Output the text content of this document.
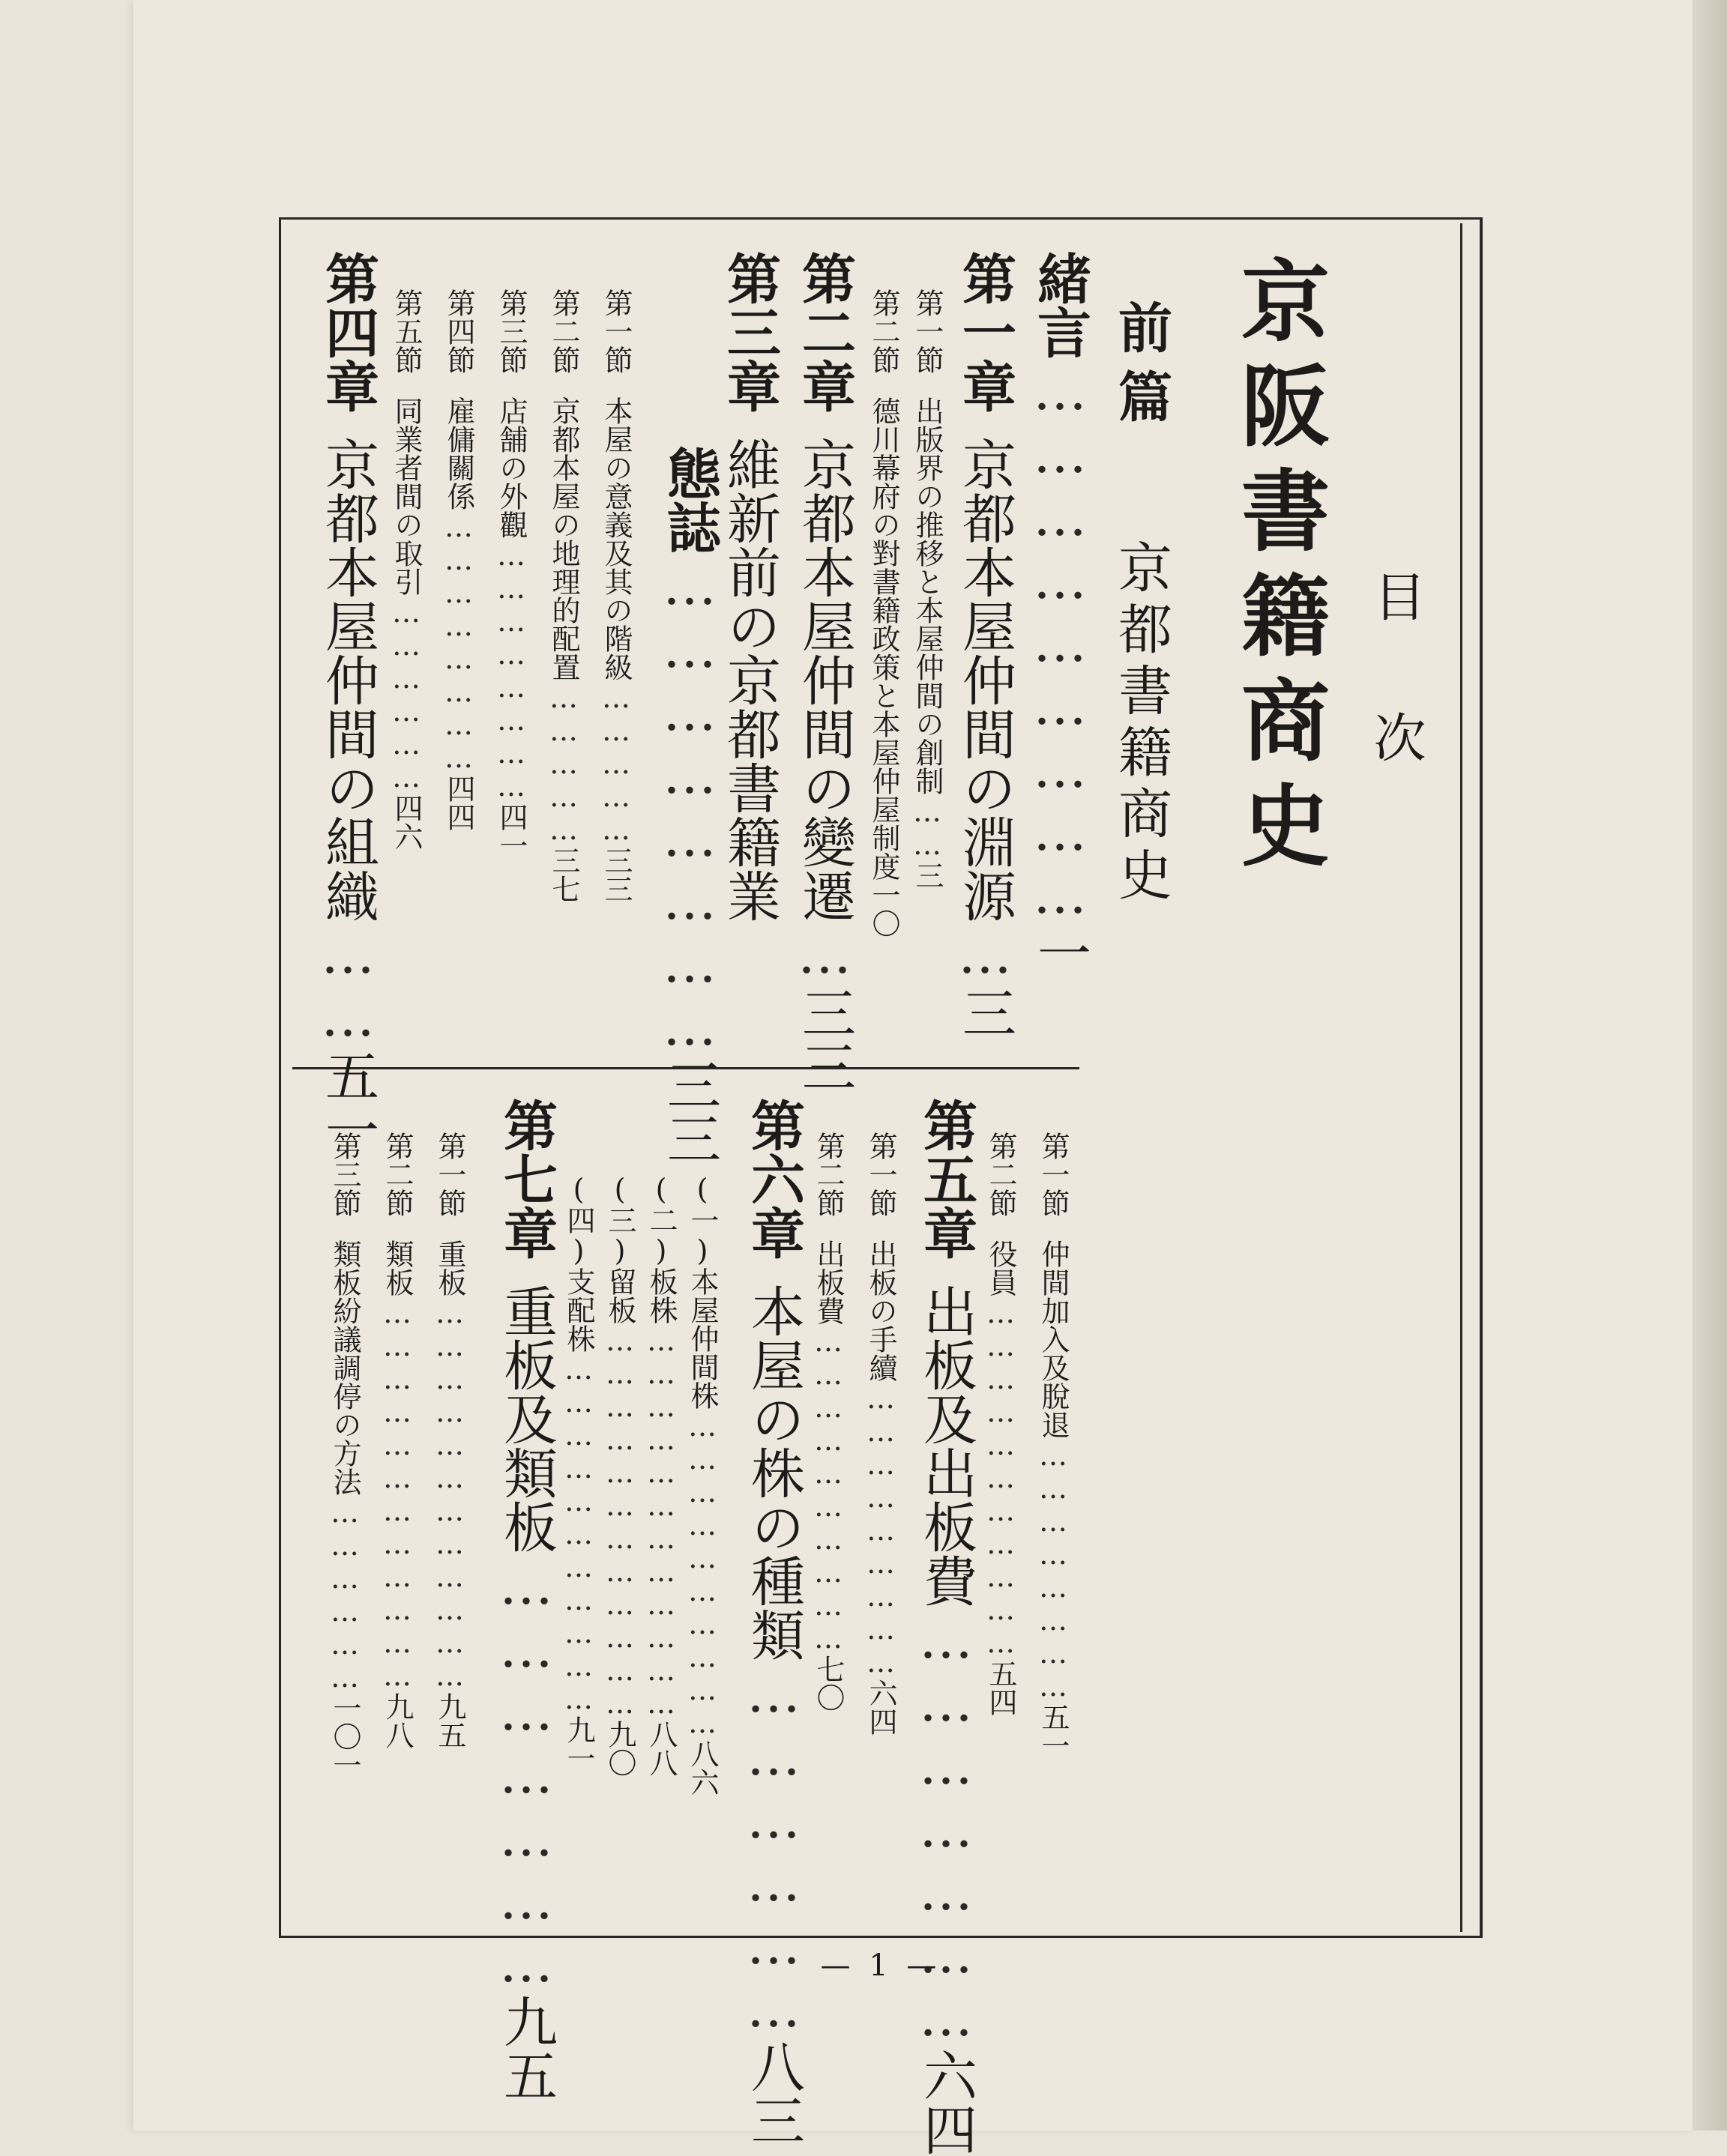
目次
京阪書籍商史
前篇
京都書籍商史
緒言………………………一
第一章京都本屋仲間の淵源…三
第一節出版界の推移と本屋仲間の創制……三
第二節德川幕府の對書籍政策と本屋仲屋制度一〇
第二章京都本屋仲間の變遷…三三
第三章維新前の京都書籍業
態誌……………………三三
第一節本屋の意義及其の階級……………三三
第二節京都本屋の地理的配置……………三七
第三節店舗の外觀……………………四一
第四節雇傭關係……………………四四
第五節同業者間の取引………………四六
第四章京都本屋仲間の組織……五一
第一節仲間加入及脫退……………………五一
第二節役員……………………………五四
第五章出板及出板費…………………六四
第一節出板の手續………………………六四
第二節出板費…………………………七〇
第六章本屋の株の種類………………八三
(一)本屋仲間株…………………………八六
(二)板株………………………………八八
(三)留板………………………………九〇
(四)支配株……………………………九一
第七章重板及類板…………………九五
第一節重板………………………………九五
第二節類板………………………………九八
第三節類板紛議調停の方法………………一〇一
— 1 —
